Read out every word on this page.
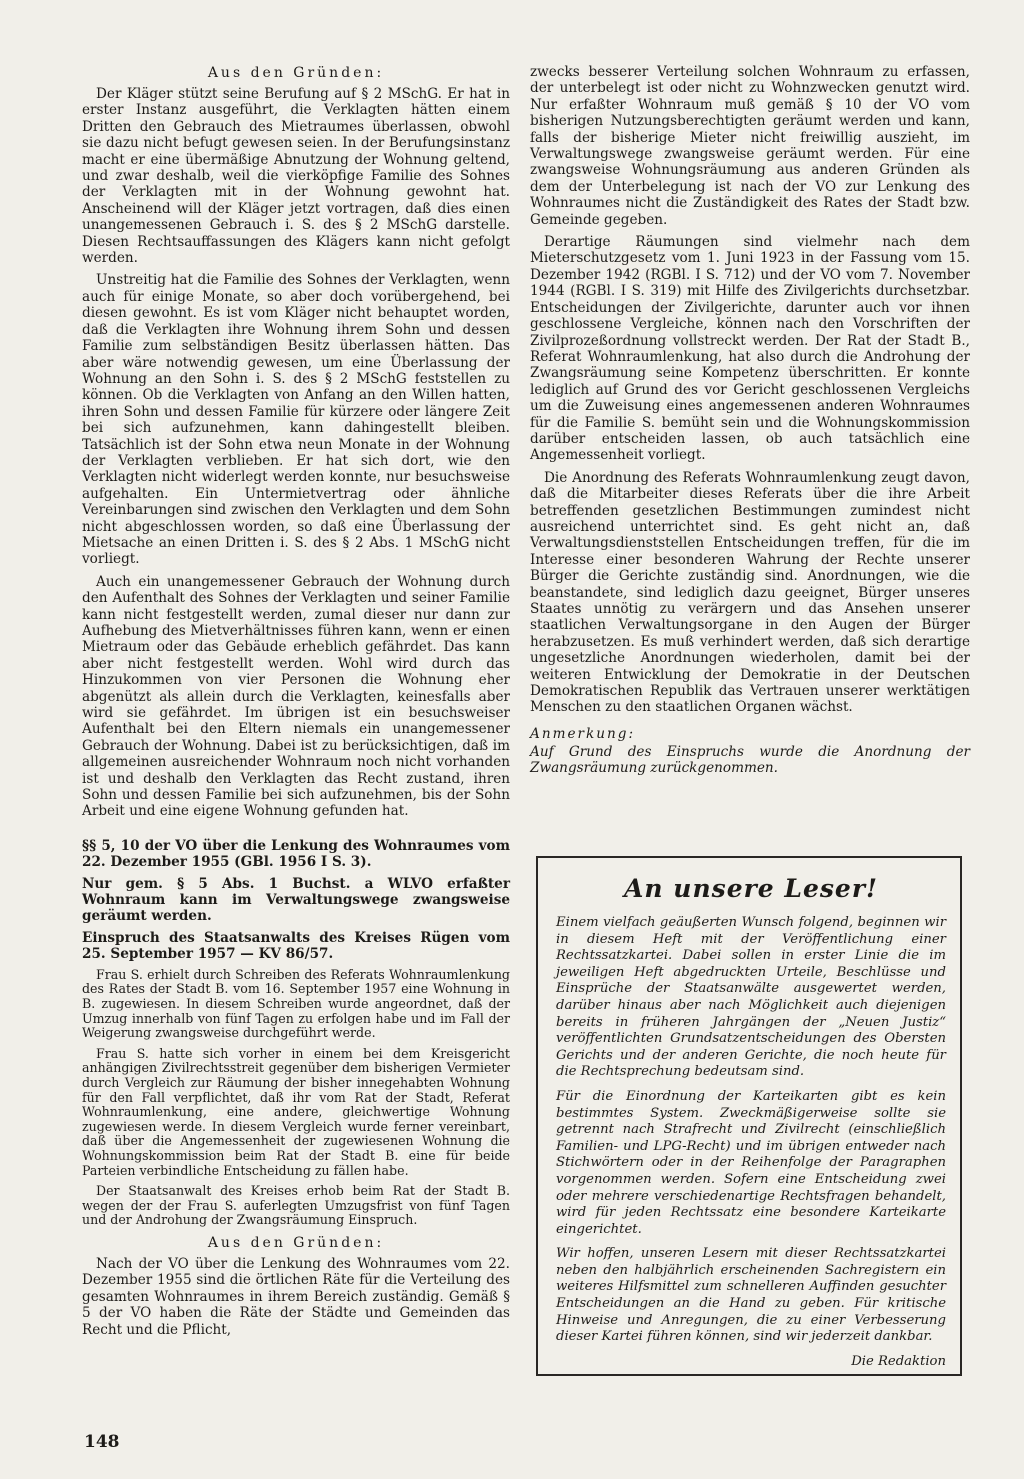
Aus den Gründen:

Der Kläger stützt seine Berufung auf § 2 MSchG. Er hat in erster Instanz ausgeführt, die Verklagten hätten einem Dritten den Gebrauch des Mietraumes überlassen, obwohl sie dazu nicht befugt gewesen seien. In der Berufungsinstanz macht er eine übermäßige Abnutzung der Wohnung geltend, und zwar deshalb, weil die vierköpfige Familie des Sohnes der Verklagten mit in der Wohnung gewohnt hat. Anscheinend will der Kläger jetzt vortragen, daß dies einen unangemessenen Gebrauch i. S. des § 2 MSchG darstelle. Diesen Rechtsauffassungen des Klägers kann nicht gefolgt werden.

Unstreitig hat die Familie des Sohnes der Verklagten, wenn auch für einige Monate, so aber doch vorübergehend, bei diesen gewohnt. Es ist vom Kläger nicht behauptet worden, daß die Verklagten ihre Wohnung ihrem Sohn und dessen Familie zum selbständigen Besitz überlassen hätten. Das aber wäre notwendig gewesen, um eine Überlassung der Wohnung an den Sohn i. S. des § 2 MSchG feststellen zu können. Ob die Verklagten von Anfang an den Willen hatten, ihren Sohn und dessen Familie für kürzere oder längere Zeit bei sich aufzunehmen, kann dahingestellt bleiben. Tatsächlich ist der Sohn etwa neun Monate in der Wohnung der Verklagten verblieben. Er hat sich dort, wie den Verklagten nicht widerlegt werden konnte, nur besuchsweise aufgehalten. Ein Untermietvertrag oder ähnliche Vereinbarungen sind zwischen den Verklagten und dem Sohn nicht abgeschlossen worden, so daß eine Überlassung der Mietsache an einen Dritten i. S. des § 2 Abs. 1 MSchG nicht vorliegt.

Auch ein unangemessener Gebrauch der Wohnung durch den Aufenthalt des Sohnes der Verklagten und seiner Familie kann nicht festgestellt werden, zumal dieser nur dann zur Aufhebung des Mietverhältnisses führen kann, wenn er einen Mietraum oder das Gebäude erheblich gefährdet. Das kann aber nicht festgestellt werden. Wohl wird durch das Hinzukommen von vier Personen die Wohnung eher abgenützt als allein durch die Verklagten, keinesfalls aber wird sie gefährdet. Im übrigen ist ein besuchsweiser Aufenthalt bei den Eltern niemals ein unangemessener Gebrauch der Wohnung. Dabei ist zu berücksichtigen, daß im allgemeinen ausreichender Wohnraum noch nicht vorhanden ist und deshalb den Verklagten das Recht zustand, ihren Sohn und dessen Familie bei sich aufzunehmen, bis der Sohn Arbeit und eine eigene Wohnung gefunden hat.

§§ 5, 10 der VO über die Lenkung des Wohnraumes vom 22. Dezember 1955 (GBl. 1956 I S. 3).
Nur gem. § 5 Abs. 1 Buchst. a WLVO erfaßter Wohnraum kann im Verwaltungswege zwangsweise geräumt werden.
Einspruch des Staatsanwalts des Kreises Rügen vom 25. September 1957 — KV 86/57.

Frau S. erhielt durch Schreiben des Referats Wohnraumlenkung des Rates der Stadt B. vom 16. September 1957 eine Wohnung in B. zugewiesen. In diesem Schreiben wurde angeordnet, daß der Umzug innerhalb von fünf Tagen zu erfolgen habe und im Fall der Weigerung zwangsweise durchgeführt werde.

Frau S. hatte sich vorher in einem bei dem Kreisgericht anhängigen Zivilrechtsstreit gegenüber dem bisherigen Vermieter durch Vergleich zur Räumung der bisher innegehabten Wohnung für den Fall verpflichtet, daß ihr vom Rat der Stadt, Referat Wohnraumlenkung, eine andere, gleichwertige Wohnung zugewiesen werde. In diesem Vergleich wurde ferner vereinbart, daß über die Angemessenheit der zugewiesenen Wohnung die Wohnungskommission beim Rat der Stadt B. eine für beide Parteien verbindliche Entscheidung zu fällen habe.

Der Staatsanwalt des Kreises erhob beim Rat der Stadt B. wegen der der Frau S. auferlegten Umzugsfrist von fünf Tagen und der Androhung der Zwangsräumung Einspruch.

Aus den Gründen:

Nach der VO über die Lenkung des Wohnraumes vom 22. Dezember 1955 sind die örtlichen Räte für die Verteilung des gesamten Wohnraumes in ihrem Bereich zuständig. Gemäß § 5 der VO haben die Räte der Städte und Gemeinden das Recht und die Pflicht,

zwecks besserer Verteilung solchen Wohnraum zu erfassen, der unterbelegt ist oder nicht zu Wohnzwecken genutzt wird. Nur erfaßter Wohnraum muß gemäß § 10 der VO vom bisherigen Nutzungsberechtigten geräumt werden und kann, falls der bisherige Mieter nicht freiwillig auszieht, im Verwaltungswege zwangsweise geräumt werden. Für eine zwangsweise Wohnungsräumung aus anderen Gründen als dem der Unterbelegung ist nach der VO zur Lenkung des Wohnraumes nicht die Zuständigkeit des Rates der Stadt bzw. Gemeinde gegeben.

Derartige Räumungen sind vielmehr nach dem Mieterschutzgesetz vom 1. Juni 1923 in der Fassung vom 15. Dezember 1942 (RGBl. I S. 712) und der VO vom 7. November 1944 (RGBl. I S. 319) mit Hilfe des Zivilgerichts durchsetzbar. Entscheidungen der Zivilgerichte, darunter auch vor ihnen geschlossene Vergleiche, können nach den Vorschriften der Zivilprozeßordnung vollstreckt werden. Der Rat der Stadt B., Referat Wohnraumlenkung, hat also durch die Androhung der Zwangsräumung seine Kompetenz überschritten. Er konnte lediglich auf Grund des vor Gericht geschlossenen Vergleichs um die Zuweisung eines angemessenen anderen Wohnraumes für die Familie S. bemüht sein und die Wohnungskommission darüber entscheiden lassen, ob auch tatsächlich eine Angemessenheit vorliegt.

Die Anordnung des Referats Wohnraumlenkung zeugt davon, daß die Mitarbeiter dieses Referats über die ihre Arbeit betreffenden gesetzlichen Bestimmungen zumindest nicht ausreichend unterrichtet sind. Es geht nicht an, daß Verwaltungsdienststellen Entscheidungen treffen, für die im Interesse einer besonderen Wahrung der Rechte unserer Bürger die Gerichte zuständig sind. Anordnungen, wie die beanstandete, sind lediglich dazu geeignet, Bürger unseres Staates unnötig zu verärgern und das Ansehen unserer staatlichen Verwaltungsorgane in den Augen der Bürger herabzusetzen. Es muß verhindert werden, daß sich derartige ungesetzliche Anordnungen wiederholen, damit bei der weiteren Entwicklung der Demokratie in der Deutschen Demokratischen Republik das Vertrauen unserer werktätigen Menschen zu den staatlichen Organen wächst.

Anmerkung:

Auf Grund des Einspruchs wurde die Anordnung der Zwangsräumung zurückgenommen.

An unsere Leser!

Einem vielfach geäußerten Wunsch folgend, beginnen wir in diesem Heft mit der Veröffentlichung einer Rechtssatzkartei. Dabei sollen in erster Linie die im jeweiligen Heft abgedruckten Urteile, Beschlüsse und Einsprüche der Staatsanwälte ausgewertet werden, darüber hinaus aber nach Möglichkeit auch diejenigen bereits in früheren Jahrgängen der „Neuen Justiz“ veröffentlichten Grundsatzentscheidungen des Obersten Gerichts und der anderen Gerichte, die noch heute für die Rechtsprechung bedeutsam sind.

Für die Einordnung der Karteikarten gibt es kein bestimmtes System. Zweckmäßigerweise sollte sie getrennt nach Strafrecht und Zivilrecht (einschließlich Familien- und LPG-Recht) und im übrigen entweder nach Stichwörtern oder in der Reihenfolge der Paragraphen vorgenommen werden. Sofern eine Entscheidung zwei oder mehrere verschiedenartige Rechtsfragen behandelt, wird für jeden Rechtssatz eine besondere Karteikarte eingerichtet.

Wir hoffen, unseren Lesern mit dieser Rechtssatzkartei neben den halbjährlich erscheinenden Sachregistern ein weiteres Hilfsmittel zum schnelleren Auffinden gesuchter Entscheidungen an die Hand zu geben. Für kritische Hinweise und Anregungen, die zu einer Verbesserung dieser Kartei führen können, sind wir jederzeit dankbar.

Die Redaktion

148
